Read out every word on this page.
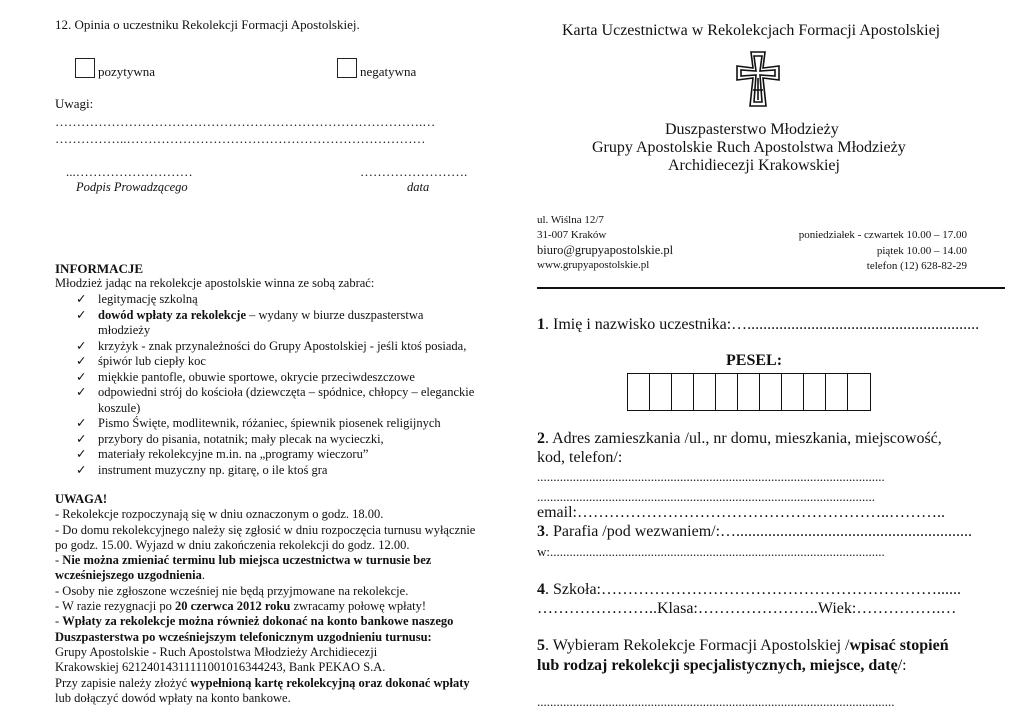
12. Opinia o uczestniku Rekolekcji Formacji Apostolskiej.
pozytywna	negatywna
Uwagi:
………………………………………………………………………….…
……………..……………………………………………………………
...………………………	…………………….
Podpis Prowadzącego	data
INFORMACJE
Młodzież jadąc na rekolekcje apostolskie winna ze sobą zabrać:
✓ legitymację szkolną
✓ dowód wpłaty za rekolekcje – wydany w biurze duszpasterstwa młodzieży
✓ krzyżyk - znak przynależności do Grupy Apostolskiej - jeśli ktoś posiada,
✓ śpiwór lub ciepły koc
✓ miękkie pantofle, obuwie sportowe, okrycie przeciwdeszczowe
✓ odpowiedni strój do kościoła (dziewczęta – spódnice, chłopcy – eleganckie koszule)
✓ Pismo Święte, modlitewnik, różaniec, śpiewnik piosenek religijnych
✓ przybory do pisania, notatnik; mały plecak na wycieczki,
✓ materiały rekolekcyjne m.in. na „programy wieczoru”
✓ instrument muzyczny np. gitarę, o ile ktoś gra
UWAGA!
- Rekolekcje rozpoczynają się w dniu oznaczonym o godz. 18.00.
- Do domu rekolekcyjnego należy się zgłosić w dniu rozpoczęcia turnusu wyłącznie
po godz. 15.00. Wyjazd w dniu zakończenia rekolekcji do godz. 12.00.
- Nie można zmieniać terminu lub miejsca uczestnictwa w turnusie bez
wcześniejszego uzgodnienia.
- Osoby nie zgłoszone wcześniej nie będą przyjmowane na rekolekcje.
- W razie rezygnacji po 20 czerwca 2012 roku zwracamy połowę wpłaty!
- Wpłaty za rekolekcje można również dokonać na konto bankowe naszego
Duszpasterstwa po wcześniejszym telefonicznym uzgodnieniu turnusu:
Grupy Apostolskie - Ruch Apostolstwa Młodzieży Archidiecezji
Krakowskiej 62124014311111001016344243, Bank PEKAO S.A.
Przy zapisie należy złożyć wypełnioną kartę rekolekcyjną oraz dokonać wpłaty
lub dołączyć dowód wpłaty na konto bankowe.
Karta Uczestnictwa w Rekolekcjach Formacji Apostolskiej
Duszpasterstwo Młodzieży
Grupy Apostolskie Ruch Apostolstwa Młodzieży
Archidiecezji Krakowskiej
ul. Wiślna 12/7
31-007 Kraków
biuro@grupyapostolskie.pl
www.grupyapostolskie.pl
poniedziałek - czwartek 10.00 – 17.00
piątek 10.00 – 14.00
telefon (12) 628-82-29
1. Imię i nazwisko uczestnika:…..........................................................
PESEL:
2. Adres zamieszkania /ul., nr domu, mieszkania, miejscowość,
kod, telefon/:
...........................................................................................................
........................................................................................................
email:…………………………………………………..………..
3. Parafia /pod wezwaniem/:…...........................................................
w:.......................................................................................................
4. Szkoła:………………………………………………………......
…………………..Klasa:…………………..Wiek:…………….…
5. Wybieram Rekolekcje Formacji Apostolskiej /wpisać stopień
lub rodzaj rekolekcji specjalistycznych, miejsce, datę/:
..............................................................................................................
